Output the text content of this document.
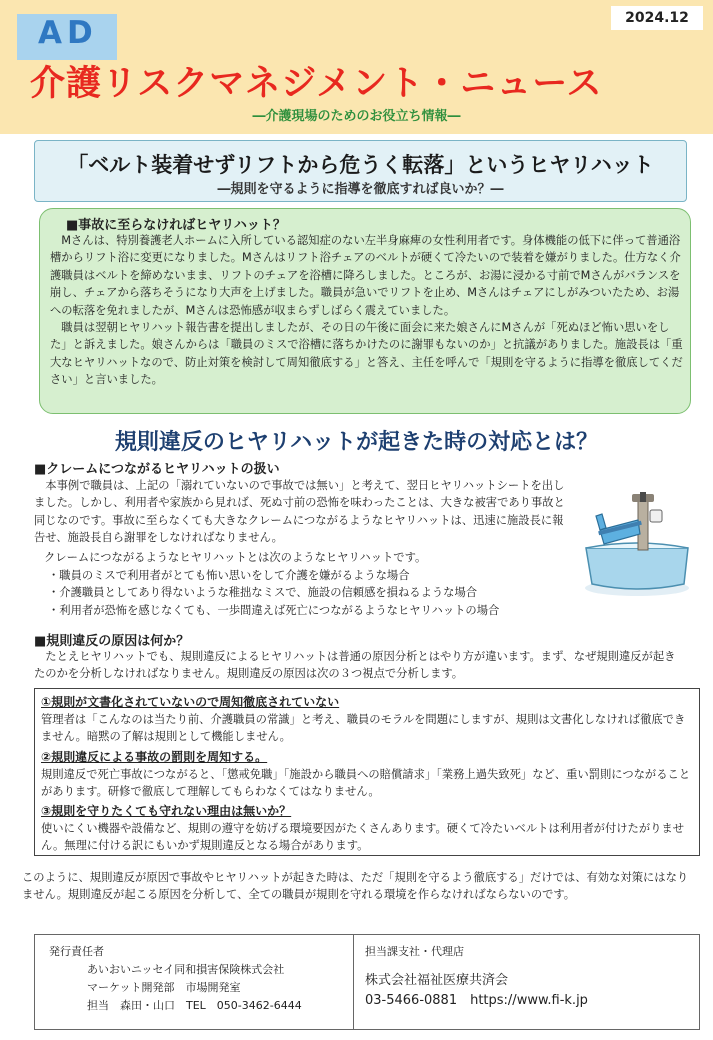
AD	2024.12
介護リスクマネジメント・ニュース
―介護現場のためのお役立ち情報―
「ベルト装着せずリフトから危うく転落」というヒヤリハット
―規則を守るように指導を徹底すれば良いか？―
■事故に至らなければヒヤリハット？

Mさんは、特別養護老人ホームに入所している認知症のない左半身麻痺の女性利用者です。身体機能の低下に伴って普通浴槽からリフト浴に変更になりました。Mさんはリフト浴チェアのベルトが硬くて冷たいので装着を嫌がりました。仕方なく介護職員はベルトを締めないまま、リフトのチェアを浴槽に降ろしました。ところが、お湯に浸かる寸前でMさんがバランスを崩し、チェアから落ちそうになり大声を上げました。職員が急いでリフトを止め、Mさんはチェアにしがみついたため、お湯への転落を免れましたが、Mさんは恐怖感が収まらずしばらく震えていました。

職員は翌朝ヒヤリハット報告書を提出しましたが、その日の午後に面会に来た娘さんにMさんが「死ぬほど怖い思いをした」と訴えました。娘さんからは「職員のミスで浴槽に落ちかけたのに謝罪もないのか」と抗議がありました。施設長は「重大なヒヤリハットなので、防止対策を検討して周知徹底する」と答え、主任を呼んで「規則を守るように指導を徹底してください」と言いました。

規則違反のヒヤリハットが起きた時の対応とは？
■クレームにつながるヒヤリハットの扱い

本事例で職員は、上記の「溺れていないので事故では無い」と考えて、翌日ヒヤリハットシートを出しました。しかし、利用者や家族から見れば、死ぬ寸前の恐怖を味わったことは、大きな被害であり事故と同じなのです。事故に至らなくても大きなクレームにつながるようなヒヤリハットは、迅速に施設長に報告せ、施設長自ら謝罪をしなければなりません。

クレームにつながるようなヒヤリハットとは次のようなヒヤリハットです。

・職員のミスで利用者がとても怖い思いをして介護を嫌がるような場合
・介護職員としてあり得ないような稚拙なミスで、施設の信頼感を損ねるような場合
・利用者が恐怖を感じなくても、一歩間違えば死亡につながるようなヒヤリハットの場合
■規則違反の原因は何か？

たとえヒヤリハットでも、規則違反によるヒヤリハットは普通の原因分析とはやり方が違います。まず、なぜ規則違反が起きたのかを分析しなければなりません。規則違反の原因は次の３つ視点で分析します。

①規則が文書化されていないので周知徹底されていない

管理者は「こんなのは当たり前、介護職員の常識」と考え、職員のモラルを問題にしますが、規則は文書化しなければ徹底できません。暗黙の了解は規則として機能しません。

②規則違反による事故の罰則を周知する。

規則違反で死亡事故につながると、「懲戒免職」「施設から職員への賠償請求」「業務上過失致死」など、重い罰則につながることがあります。研修で徹底して理解してもらわなくてはなりません。

③規則を守りたくても守れない理由は無いか？

使いにくい機器や設備など、規則の遵守を妨げる環境要因がたくさんあります。硬くて冷たいベルトは利用者が付けたがりません。無理に付ける訳にもいかず規則違反となる場合があります。

このように、規則違反が原因で事故やヒヤリハットが起きた時は、ただ「規則を守るよう徹底する」だけでは、有効な対策にはなりません。規則違反が起こる原因を分析して、全ての職員が規則を守れる環境を作らなければならないのです。

発行責任者
あいおいニッセイ同和損害保険株式会社
マーケット開発部　市場開発室
担当　森田・山口　TEL　050-3462-6444
担当課支社・代理店
株式会社福祉医療共済会
03-5466-0881　https://www.fi-k.jp
